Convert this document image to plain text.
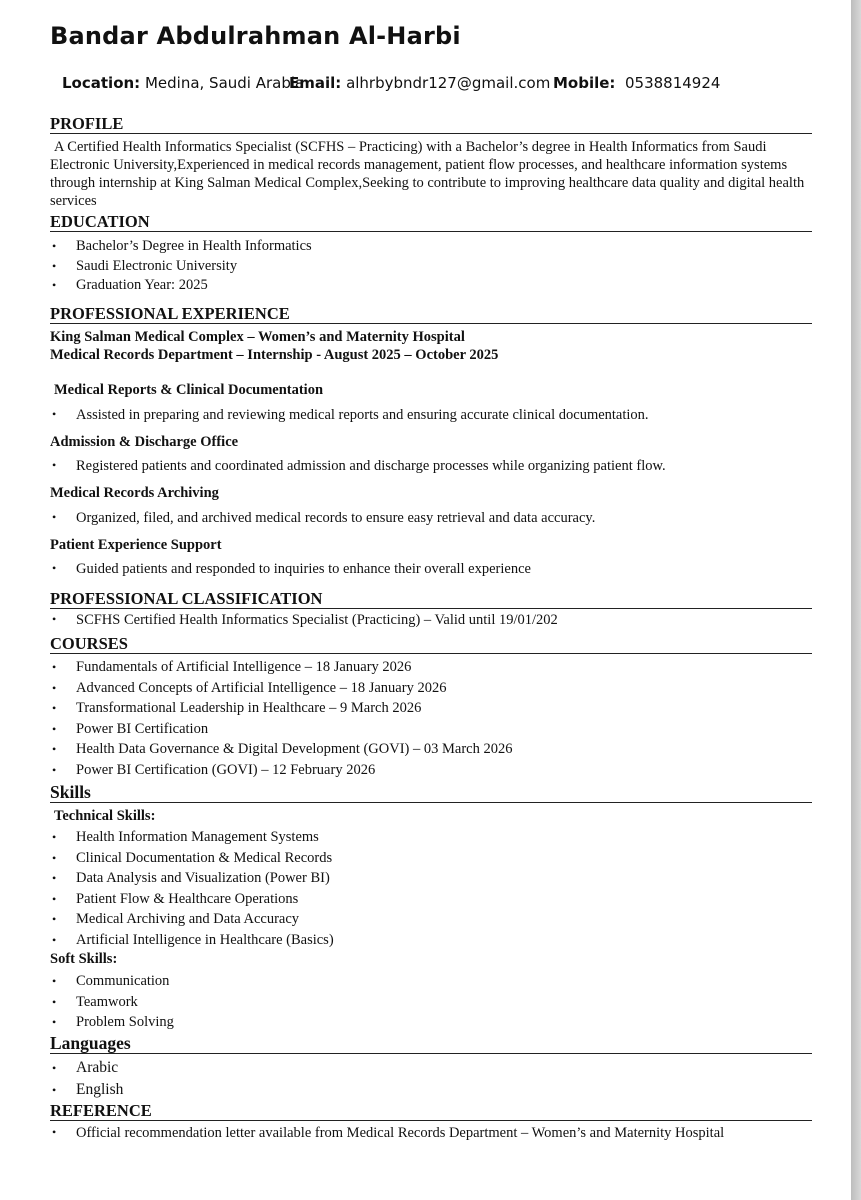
Bandar Abdulrahman Al-Harbi
Location: Medina, Saudi Arabia
Email: alhrbybndr127@gmail.com Mobile: 0538814924
PROFILE

A Certified Health Informatics Specialist (SCFHS – Practicing) with a Bachelor’s degree in Health Informatics from Saudi Electronic University,Experienced in medical records management, patient flow processes, and healthcare information systems through internship at King Salman Medical Complex,Seeking to contribute to improving healthcare data quality and digital health services

EDUCATION
• Bachelor’s Degree in Health Informatics
• Saudi Electronic University
• Graduation Year: 2025
PROFESSIONAL EXPERIENCE

King Salman Medical Complex – Women’s and Maternity Hospital

Medical Records Department – Internship - August 2025 – October 2025

Medical Reports & Clinical Documentation

• Assisted in preparing and reviewing medical reports and ensuring accurate clinical documentation.

Admission & Discharge Office

• Registered patients and coordinated admission and discharge processes while organizing patient flow.

Medical Records Archiving

• Organized, filed, and archived medical records to ensure easy retrieval and data accuracy.

Patient Experience Support

• Guided patients and responded to inquiries to enhance their overall experience
PROFESSIONAL CLASSIFICATION
• SCFHS Certified Health Informatics Specialist (Practicing) – Valid until 19/01/202
COURSES
• Fundamentals of Artificial Intelligence – 18 January 2026
• Advanced Concepts of Artificial Intelligence – 18 January 2026
• Transformational Leadership in Healthcare – 9 March 2026
• Power BI Certification
• Health Data Governance & Digital Development (GOVI) – 03 March 2026
• Power BI Certification (GOVI) – 12 February 2026
Skills

Technical Skills:

• Health Information Management Systems
• Clinical Documentation & Medical Records
• Data Analysis and Visualization (Power BI)
• Patient Flow & Healthcare Operations
• Medical Archiving and Data Accuracy
• Artificial Intelligence in Healthcare (Basics)

Soft Skills:

• Communication
• Teamwork
• Problem Solving
Languages
• Arabic
• English
REFERENCE
• Official recommendation letter available from Medical Records Department – Women’s and Maternity Hospital
